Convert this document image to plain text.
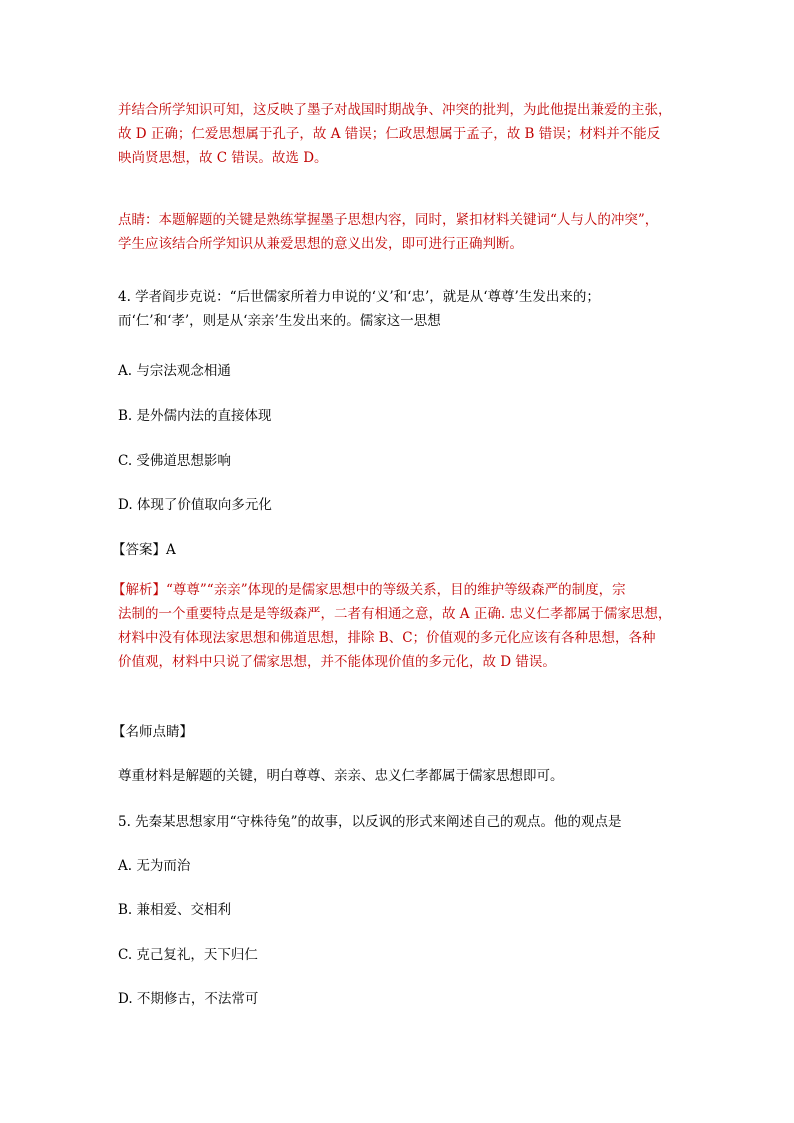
并结合所学知识可知，这反映了墨子对战国时期战争、冲突的批判，为此他提出兼爱的主张，
故 D 正确；仁爱思想属于孔子，故 A 错误；仁政思想属于孟子，故 B 错误；材料并不能反
映尚贤思想，故 C 错误。故选 D。
点睛：本题解题的关键是熟练掌握墨子思想内容，同时，紧扣材料关键词“人与人的冲突”，
学生应该结合所学知识从兼爱思想的意义出发，即可进行正确判断。
4. 学者阎步克说：“后世儒家所着力申说的‘义’和‘忠’，就是从‘尊尊’生发出来的；
而‘仁’和‘孝’，则是从‘亲亲’生发出来的。儒家这一思想
A. 与宗法观念相通
B. 是外儒内法的直接体现
C. 受佛道思想影响
D. 体现了价值取向多元化
【答案】A
【解析】“尊尊”“亲亲”体现的是儒家思想中的等级关系，目的维护等级森严的制度，宗
法制的一个重要特点是是等级森严，二者有相通之意，故 A 正确. 忠义仁孝都属于儒家思想，
材料中没有体现法家思想和佛道思想，排除 B、C；价值观的多元化应该有各种思想，各种
价值观，材料中只说了儒家思想，并不能体现价值的多元化，故 D 错误。
【名师点睛】
尊重材料是解题的关键，明白尊尊、亲亲、忠义仁孝都属于儒家思想即可。
5. 先秦某思想家用“守株待兔”的故事，以反讽的形式来阐述自己的观点。他的观点是
A. 无为而治
B. 兼相爱、交相利
C. 克己复礼，天下归仁
D. 不期修古，不法常可
